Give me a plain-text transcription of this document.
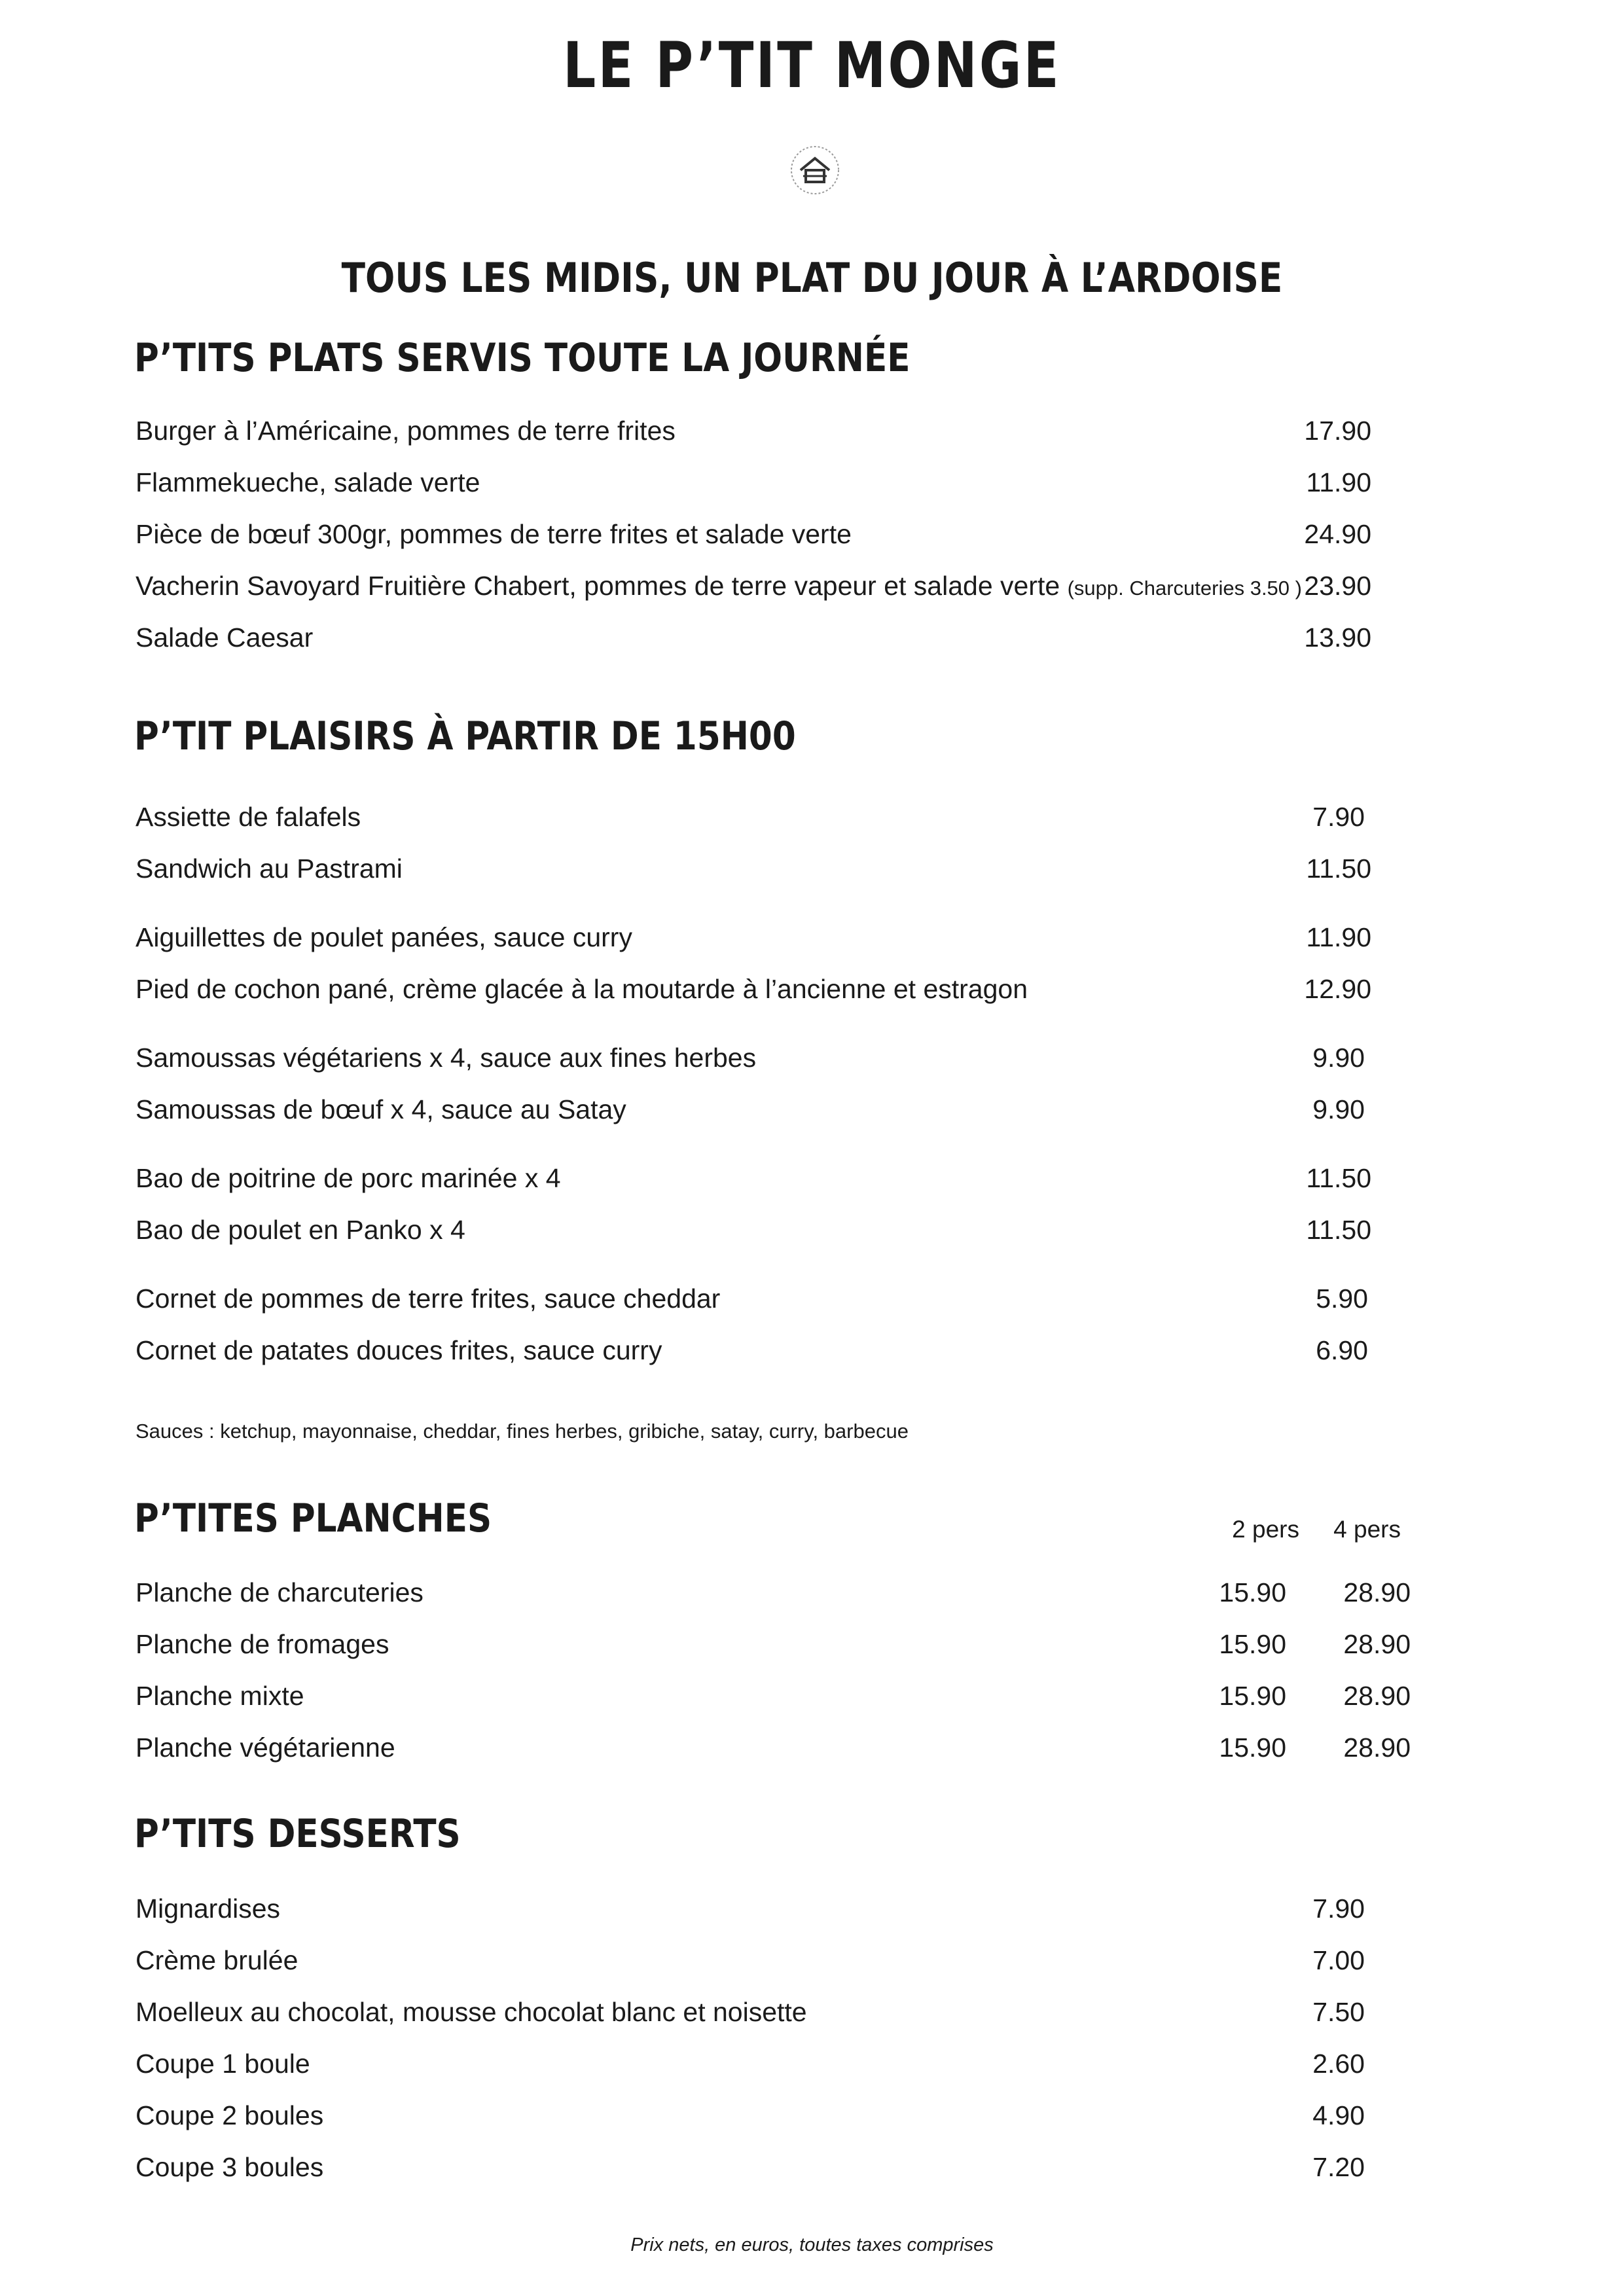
LE P’TIT MONGE
TOUS LES MIDIS, UN PLAT DU JOUR À L’ARDOISE
P’TITS PLATS SERVIS TOUTE LA JOURNÉE
Burger à l’Américaine, pommes de terre frites	17.90
Flammekueche, salade verte	11.90
Pièce de bœuf 300gr, pommes de terre frites et salade verte	24.90
Vacherin Savoyard Fruitière Chabert, pommes de terre vapeur et salade verte (supp. Charcuteries 3.50 ) 23.90
Salade Caesar	13.90
P’TIT PLAISIRS À PARTIR DE 15H00
Assiette de falafels	7.90
Sandwich au Pastrami	11.50
Aiguillettes de poulet panées, sauce curry	11.90
Pied de cochon pané, crème glacée à la moutarde à l’ancienne et estragon	12.90
Samoussas végétariens x 4, sauce aux fines herbes	9.90
Samoussas de bœuf x 4, sauce au Satay	9.90
Bao de poitrine de porc marinée x 4	11.50
Bao de poulet en Panko x 4	11.50
Cornet de pommes de terre frites, sauce cheddar	5.90
Cornet de patates douces frites, sauce curry	6.90
Sauces : ketchup, mayonnaise, cheddar, fines herbes, gribiche, satay, curry, barbecue
P’TITES PLANCHES	2 pers	4 pers
Planche de charcuteries	15.90	28.90
Planche de fromages	15.90	28.90
Planche mixte	15.90	28.90
Planche végétarienne	15.90	28.90
P’TITS DESSERTS
Mignardises	7.90
Crème brulée	7.00
Moelleux au chocolat, mousse chocolat blanc et noisette	7.50
Coupe 1 boule	2.60
Coupe 2 boules	4.90
Coupe 3 boules	7.20
Prix nets, en euros, toutes taxes comprises
